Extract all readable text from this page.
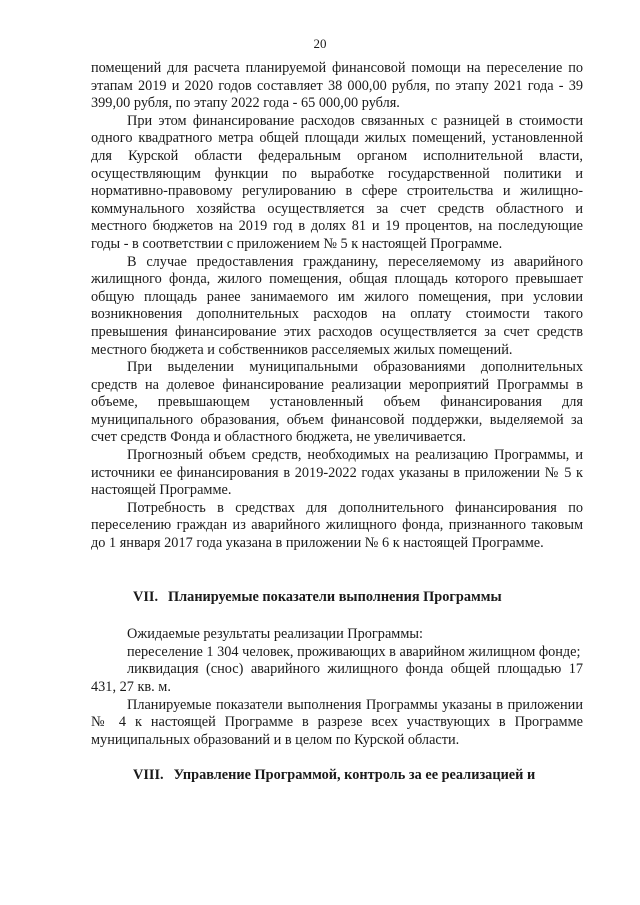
20

помещений для расчета планируемой финансовой помощи на переселение по этапам 2019 и 2020 годов составляет 38 000,00 рубля, по этапу 2021 года - 39 399,00 рубля, по этапу 2022 года - 65 000,00 рубля.

При этом финансирование расходов связанных с разницей в стоимости одного квадратного метра общей площади жилых помещений, установленной для Курской области федеральным органом исполнительной власти, осуществляющим функции по выработке государственной политики и нормативно-правовому регулированию в сфере строительства и жилищно-коммунального хозяйства осуществляется за счет средств областного и местного бюджетов на 2019 год в долях 81 и 19 процентов, на последующие годы - в соответствии с приложением № 5 к настоящей Программе.

В случае предоставления гражданину, переселяемому из аварийного жилищного фонда, жилого помещения, общая площадь которого превышает общую площадь ранее занимаемого им жилого помещения, при условии возникновения дополнительных расходов на оплату стоимости такого превышения финансирование этих расходов осуществляется за счет средств местного бюджета и собственников расселяемых жилых помещений.

При выделении муниципальными образованиями дополнительных средств на долевое финансирование реализации мероприятий Программы в объеме, превышающем установленный объем финансирования для муниципального образования, объем финансовой поддержки, выделяемой за счет средств Фонда и областного бюджета, не увеличивается.

Прогнозный объем средств, необходимых на реализацию Программы, и источники ее финансирования в 2019-2022 годах указаны в приложении № 5 к настоящей Программе.

Потребность в средствах для дополнительного финансирования по переселению граждан из аварийного жилищного фонда, признанного таковым до 1 января 2017 года указана в приложении № 6 к настоящей Программе.

VII. Планируемые показатели выполнения Программы

Ожидаемые результаты реализации Программы:

переселение 1 304 человек, проживающих в аварийном жилищном фонде;

ликвидация (снос) аварийного жилищного фонда общей площадью 17 431, 27 кв. м.

Планируемые показатели выполнения Программы указаны в приложении № 4 к настоящей Программе в разрезе всех участвующих в Программе муниципальных образований и в целом по Курской области.

VIII. Управление Программой, контроль за ее реализацией и
